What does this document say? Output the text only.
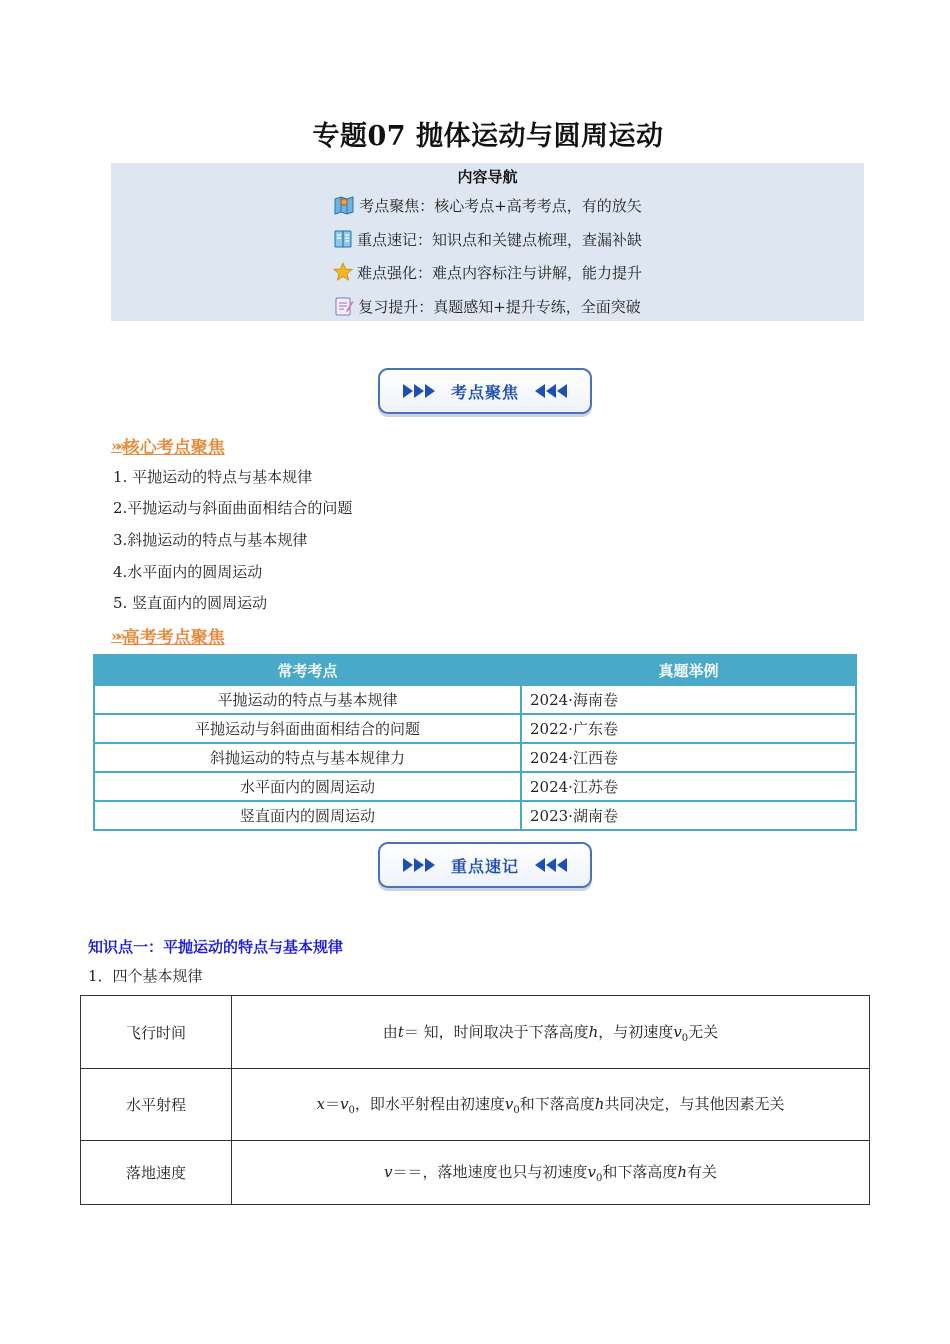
专题07 抛体运动与圆周运动
内容导航
考点聚焦：核心考点+高考考点，有的放矢
重点速记：知识点和关键点梳理，查漏补缺
难点强化：难点内容标注与讲解，能力提升
复习提升：真题感知+提升专练，全面突破
考点聚焦
»» 核心考点聚焦
1. 平抛运动的特点与基本规律
2.平抛运动与斜面曲面相结合的问题
3.斜抛运动的特点与基本规律
4.水平面内的圆周运动
5. 竖直面内的圆周运动
»» 高考考点聚焦
常考考点	真题举例
平抛运动的特点与基本规律	2024·海南卷
平抛运动与斜面曲面相结合的问题	2022·广东卷
斜抛运动的特点与基本规律力	2024·江西卷
水平面内的圆周运动	2024·江苏卷
竖直面内的圆周运动	2023·湖南卷
重点速记
知识点一：平抛运动的特点与基本规律
1．四个基本规律
飞行时间	由t＝ 知，时间取决于下落高度h，与初速度$v_0$无关
水平射程	$x=v_0$，即水平射程由初速度$v_0$和下落高度h共同决定，与其他因素无关
落地速度	v＝＝，落地速度也只与初速度$v_0$和下落高度h有关
